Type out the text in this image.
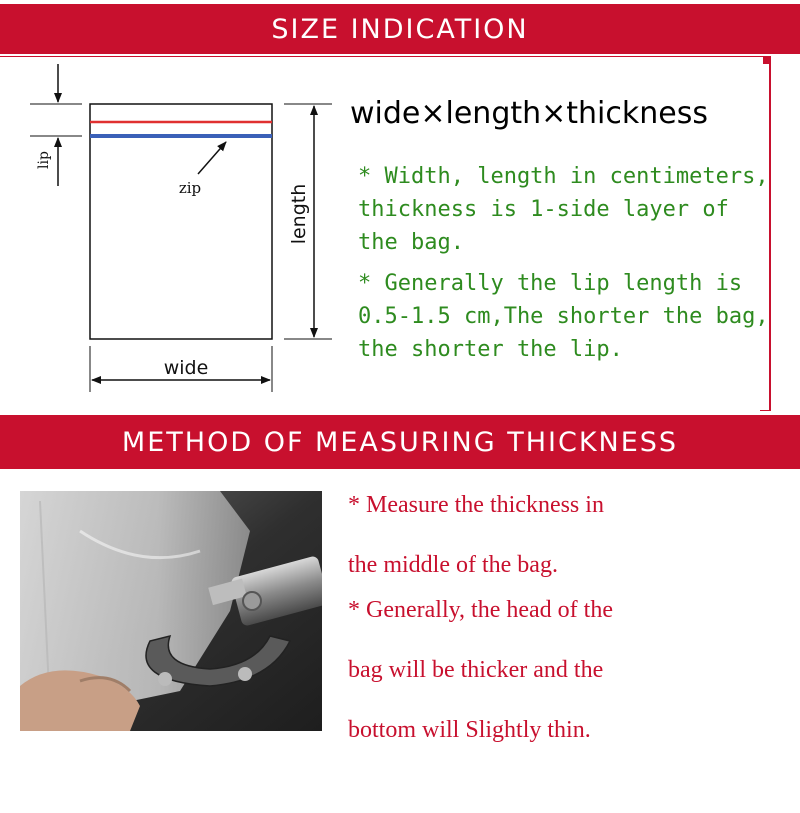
SIZE INDICATION
lip
zip	length
wide
wide×length×thickness
* Width, length in centimeters, thickness is 1-side layer of the bag.
* Generally the lip length is 0.5-1.5 cm,The shorter the bag, the shorter the lip.
METHOD OF MEASURING THICKNESS
* Measure the thickness in
the middle of the bag.
* Generally, the head of the
bag will be thicker and the
bottom will Slightly thin.
